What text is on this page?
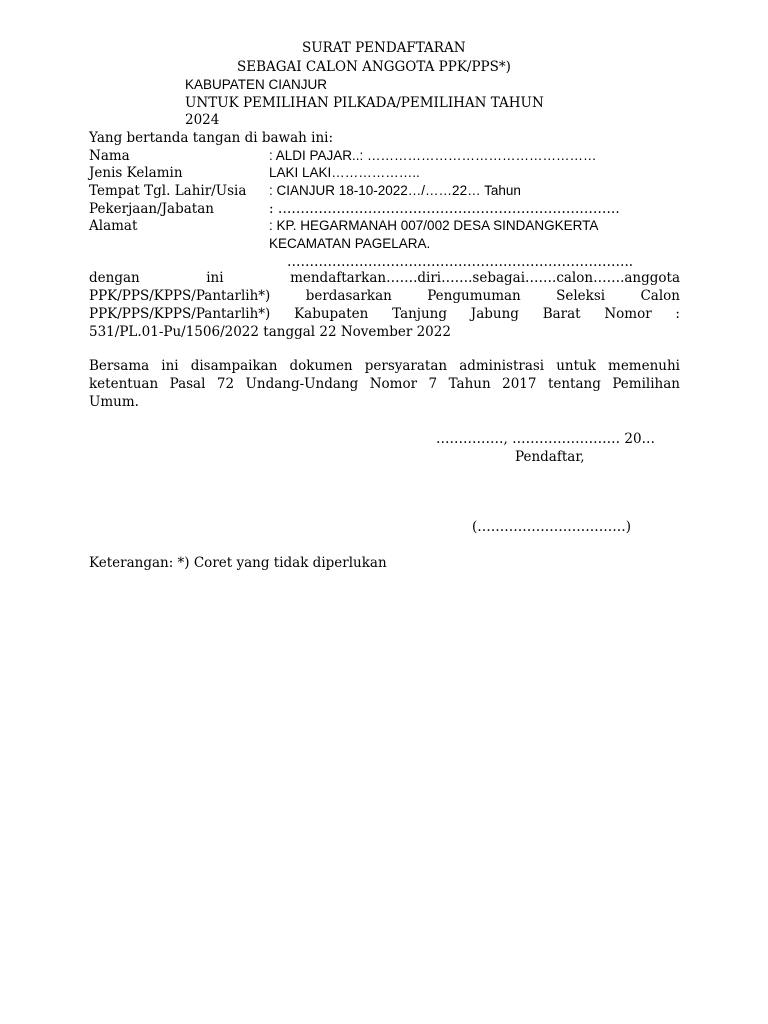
SURAT PENDAFTARAN
SEBAGAI CALON ANGGOTA PPK/PPS*)
KABUPATEN CIANJUR
UNTUK PEMILIHAN PILKADA/PEMILIHAN TAHUN
2024
Yang bertanda tangan di bawah ini:
Nama	: ALDI PAJAR..: ……………………………………………
Jenis Kelamin	LAKI LAKI………………..
Tempat Tgl. Lahir/Usia : CIANJUR 18-10-2022…/……22… Tahun
Pekerjaan/Jabatan	: ………………………………………………………………….
Alamat	: KP. HEGARMANAH 007/002 DESA SINDANGKERTA
KECAMATAN PAGELARA.
…………………………………………………………………..
dengan ini mendaftarkan…….diri…….sebagai…….calon…….anggota
PPK/PPS/KPPS/Pantarlih*) berdasarkan Pengumuman Seleksi Calon
PPK/PPS/KPPS/Pantarlih*) Kabupaten Tanjung Jabung Barat Nomor :
531/PL.01-Pu/1506/2022 tanggal 22 November 2022
Bersama ini disampaikan dokumen persyaratan administrasi untuk memenuhi
ketentuan Pasal 72 Undang-Undang Nomor 7 Tahun 2017 tentang Pemilihan
Umum.
……………, …………………… 20…
Pendaftar,
(……………………………)
Keterangan: *) Coret yang tidak diperlukan
